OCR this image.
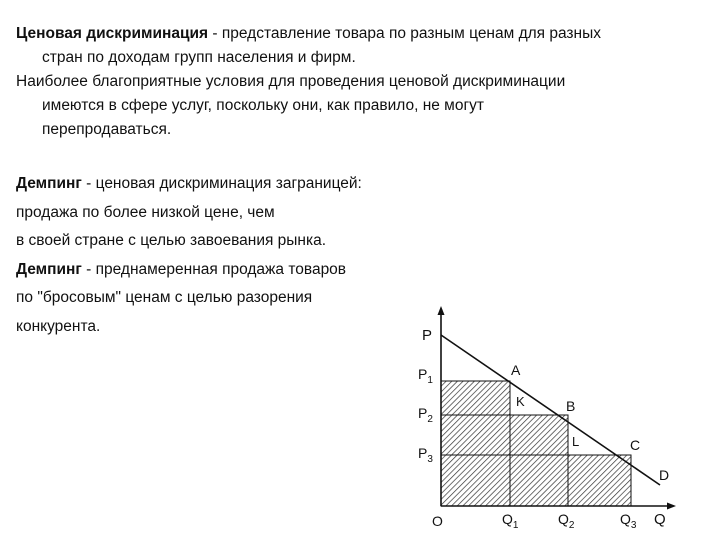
Ценовая дискриминация - представление товара по разным ценам для разных
стран по доходам групп населения и фирм.

Наиболее благоприятные условия для проведения ценовой дискриминации
имеются в сфере услуг, поскольку они, как правило, не могут
перепродаваться.

Демпинг - ценовая дискриминация заграницей:
продажа по более низкой цене, чем
в своей стране с целью завоевания рынка.
Демпинг - преднамеренная продажа товаров
по "бросовым" ценам с целью разорения
конкурента.

P
Q
O
$P_1$
$P_2$
$P_3$
$Q_1$	$Q_2$	$Q_3$
A
B
C
K
L
D
